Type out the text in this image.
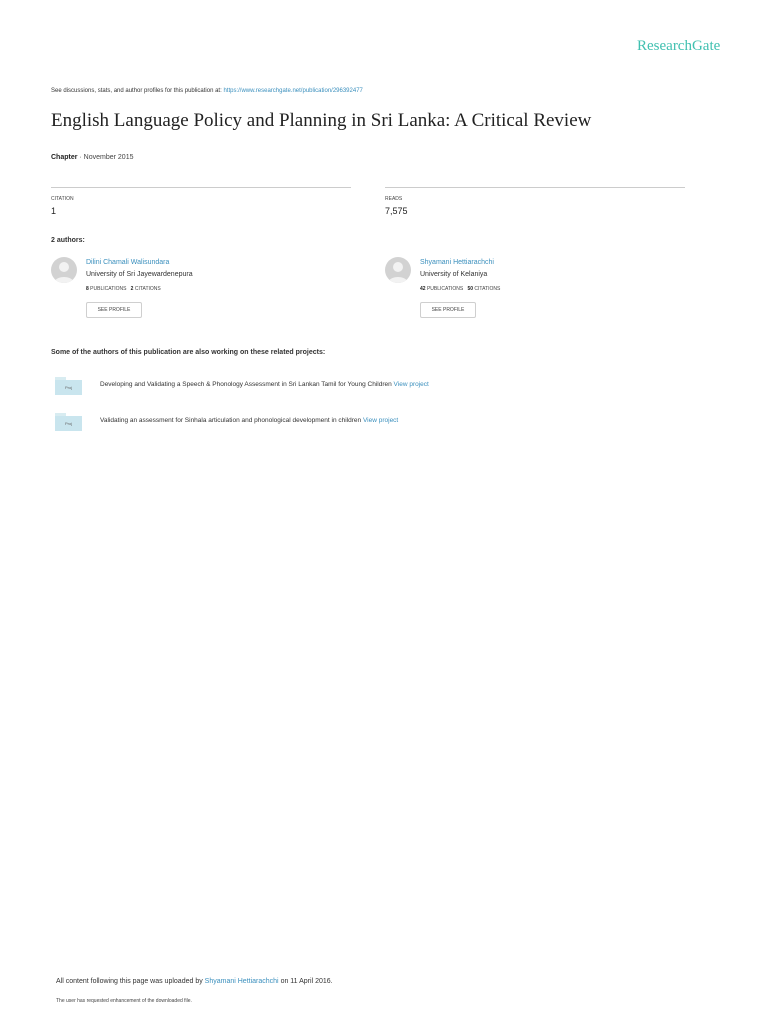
ResearchGate
See discussions, stats, and author profiles for this publication at: https://www.researchgate.net/publication/296392477
English Language Policy and Planning in Sri Lanka: A Critical Review
Chapter · November 2015
CITATION
1
READS
7,575
2 authors:
Dilini Chamali Walisundara
University of Sri Jayewardenepura
8 PUBLICATIONS 2 CITATIONS
SEE PROFILE
Shyamani Hettiarachchi
University of Kelaniya
42 PUBLICATIONS 50 CITATIONS
SEE PROFILE
Some of the authors of this publication are also working on these related projects:
Proj	Developing and Validating a Speech & Phonology Assessment in Sri Lankan Tamil for Young Children View project
Proj	Validating an assessment for Sinhala articulation and phonological development in children View project
All content following this page was uploaded by Shyamani Hettiarachchi on 11 April 2016.
The user has requested enhancement of the downloaded file.
